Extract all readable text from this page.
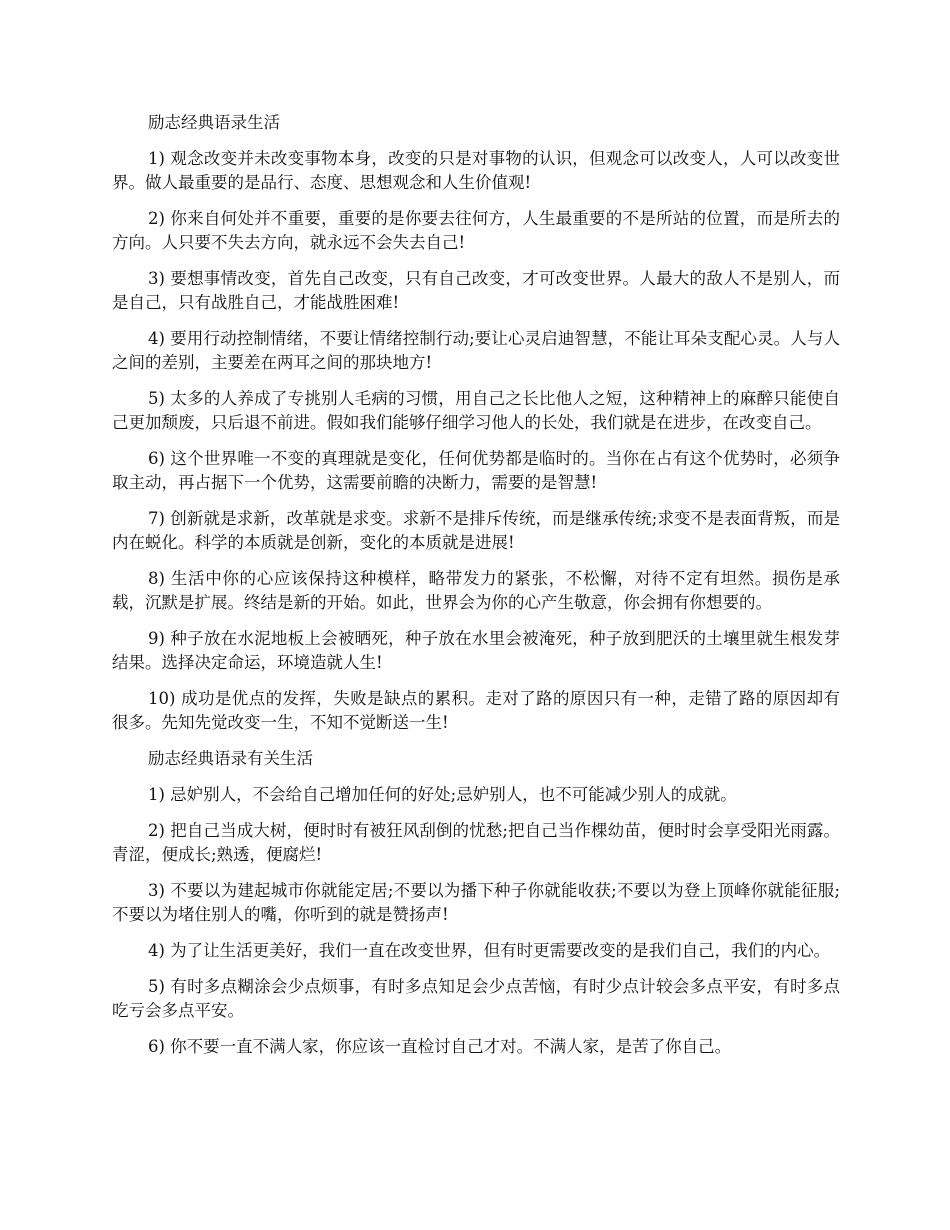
励志经典语录生活

1) 观念改变并未改变事物本身，改变的只是对事物的认识，但观念可以改变人，人可以改变世界。做人最重要的是品行、态度、思想观念和人生价值观!

2) 你来自何处并不重要，重要的是你要去往何方，人生最重要的不是所站的位置，而是所去的方向。人只要不失去方向，就永远不会失去自己!

3) 要想事情改变，首先自己改变，只有自己改变，才可改变世界。人最大的敌人不是别人，而是自己，只有战胜自己，才能战胜困难!

4) 要用行动控制情绪，不要让情绪控制行动;要让心灵启迪智慧，不能让耳朵支配心灵。人与人之间的差别，主要差在两耳之间的那块地方!

5) 太多的人养成了专挑别人毛病的习惯，用自己之长比他人之短，这种精神上的麻醉只能使自己更加颓废，只后退不前进。假如我们能够仔细学习他人的长处，我们就是在进步，在改变自己。

6) 这个世界唯一不变的真理就是变化，任何优势都是临时的。当你在占有这个优势时，必须争取主动，再占据下一个优势，这需要前瞻的决断力，需要的是智慧!

7) 创新就是求新，改革就是求变。求新不是排斥传统，而是继承传统;求变不是表面背叛，而是内在蜕化。科学的本质就是创新，变化的本质就是进展!

8) 生活中你的心应该保持这种模样，略带发力的紧张，不松懈，对待不定有坦然。损伤是承载，沉默是扩展。终结是新的开始。如此，世界会为你的心产生敬意，你会拥有你想要的。

9) 种子放在水泥地板上会被晒死，种子放在水里会被淹死，种子放到肥沃的土壤里就生根发芽结果。选择决定命运，环境造就人生!

10) 成功是优点的发挥，失败是缺点的累积。走对了路的原因只有一种，走错了路的原因却有很多。先知先觉改变一生，不知不觉断送一生!

励志经典语录有关生活

1) 忌妒别人，不会给自己增加任何的好处;忌妒别人，也不可能减少别人的成就。

2) 把自己当成大树，便时时有被狂风刮倒的忧愁;把自己当作棵幼苗，便时时会享受阳光雨露。青涩，便成长;熟透，便腐烂!

3) 不要以为建起城市你就能定居;不要以为播下种子你就能收获;不要以为登上顶峰你就能征服;不要以为堵住别人的嘴，你听到的就是赞扬声!

4) 为了让生活更美好，我们一直在改变世界，但有时更需要改变的是我们自己，我们的内心。

5) 有时多点糊涂会少点烦事，有时多点知足会少点苦恼，有时少点计较会多点平安，有时多点吃亏会多点平安。

6) 你不要一直不满人家，你应该一直检讨自己才对。不满人家，是苦了你自己。
